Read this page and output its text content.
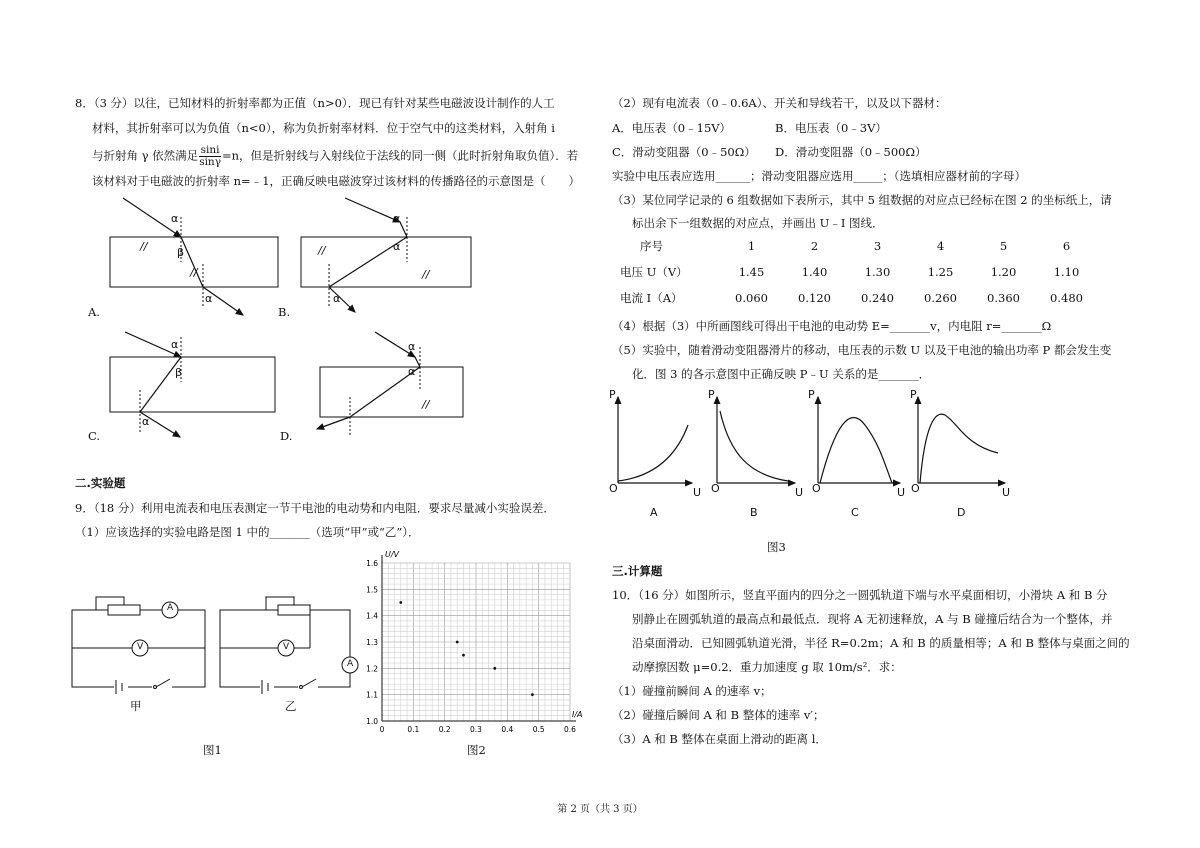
8．（3 分）以往，已知材料的折射率都为正值（n>0）．现已有针对某些电磁波设计制作的人工
材料，其折射率可以为负值（n<0），称为负折射率材料．位于空气中的这类材料，入射角 i
与折射角 γ 依然满足 $\frac{\sin i}{\sin\gamma} =n$，但是折射线与入射线位于法线的同一侧（此时折射角取负值）．若
该材料对于电磁波的折射率 n=﹣1，正确反映电磁波穿过该材料的传播路径的示意图是（　　）
α
β
α
//
//
α
α
α
//
//
α
β
α
α
α
//
A.	B.
C.	D.
二.实验题
9．（18 分）利用电流表和电压表测定一节干电池的电动势和内电阻．要求尽量减小实验误差．
（1）应该选择的实验电路是图 1 中的_______（选项“甲”或“乙”）．
A
V	V
A
甲	乙
图1
I/A
U/V
0	0.1	0.2	0.3	0.4	0.5	0.6
1.0
1.1
1.2
1.3
1.4
1.5
1.6
图2
（2）现有电流表（0﹣0.6A）、开关和导线若干，以及以下器材：
A．电压表（0﹣15V）	B．电压表（0﹣3V）
C．滑动变阻器（0﹣50Ω） D．滑动变阻器（0﹣500Ω）
实验中电压表应选用______；滑动变阻器应选用_____；（选填相应器材前的字母）
（3）某位同学记录的 6 组数据如下表所示，其中 5 组数据的对应点已经标在图 2 的坐标纸上，请
标出余下一组数据的对应点，并画出 U﹣I 图线．
序号	1	2	3	4	5	6
电压 U（V）	1.45	1.40	1.30	1.25	1.20	1.10
电流 I（A）	0.060	0.120	0.240	0.260	0.360	0.480
（4）根据（3）中所画图线可得出干电池的电动势 E=_______v，内电阻 r=_______Ω
（5）实验中，随着滑动变阻器滑片的移动，电压表的示数 U 以及干电池的输出功率 P 都会发生变
化．图 3 的各示意图中正确反映 P﹣U 关系的是_______．
P	P	P	P
O	O	O	O
U	U	U	U
A	B	C	D
图3
三.计算题
10．（16 分）如图所示，竖直平面内的四分之一圆弧轨道下端与水平桌面相切，小滑块 A 和 B 分
别静止在圆弧轨道的最高点和最低点．现将 A 无初速释放，A 与 B 碰撞后结合为一个整体，并
沿桌面滑动．已知圆弧轨道光滑，半径 R=0.2m；A 和 B 的质量相等；A 和 B 整体与桌面之间的
动摩擦因数 μ=0.2．重力加速度 g 取 10m/s²．求：
（1）碰撞前瞬间 A 的速率 v；
（2）碰撞后瞬间 A 和 B 整体的速率 v′；
（3）A 和 B 整体在桌面上滑动的距离 l．
第 2 页（共 3 页）
